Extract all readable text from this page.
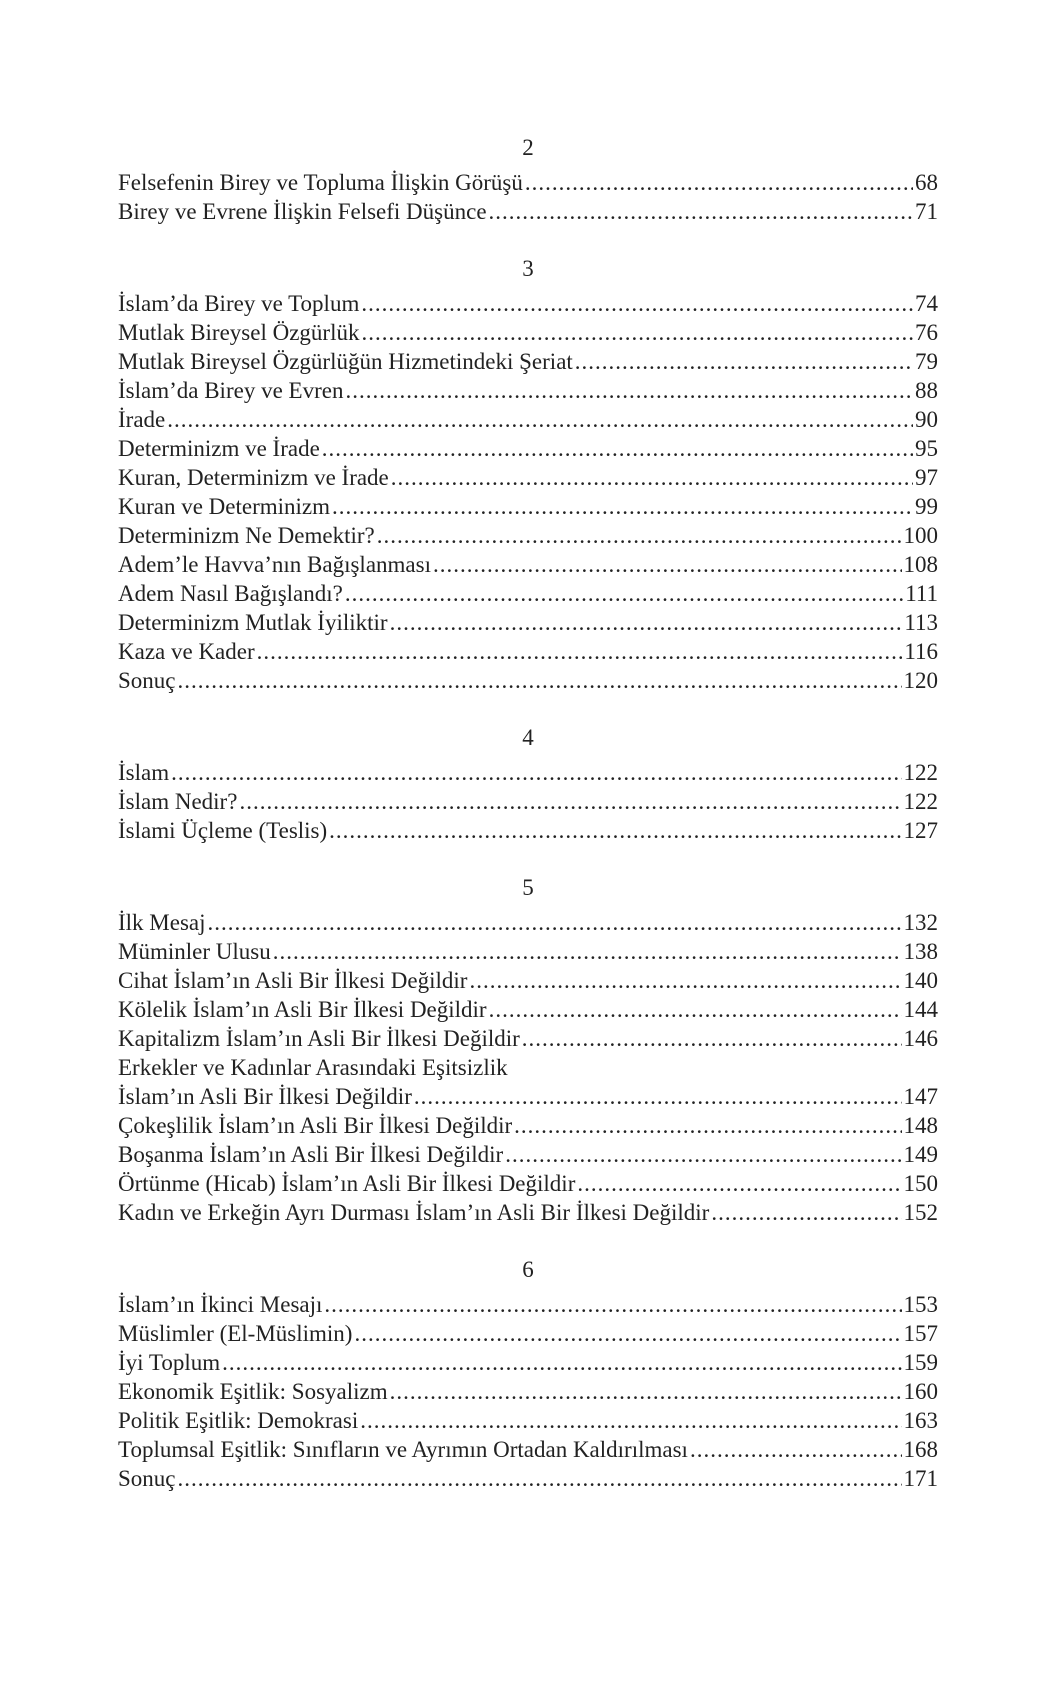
2
Felsefenin Birey ve Topluma İlişkin Görüşü .....	68
Birey ve Evrene İlişkin Felsefi Düşünce .....	71
3
İslam’da Birey ve Toplum .....	74
Mutlak Bireysel Özgürlük .....	76
Mutlak Bireysel Özgürlüğün Hizmetindeki Şeriat .....	79
İslam’da Birey ve Evren .....	88
İrade .....	90
Determinizm ve İrade .....	95
Kuran, Determinizm ve İrade .....	97
Kuran ve Determinizm .....	99
Determinizm Ne Demektir? .....	100
Adem’le Havva’nın Bağışlanması .....	108
Adem Nasıl Bağışlandı? .....	111
Determinizm Mutlak İyiliktir .....	113
Kaza ve Kader .....	116
Sonuç .....	120
4
İslam .....	122
İslam Nedir? .....	122
İslami Üçleme (Teslis) .....	127
5
İlk Mesaj .....	132
Müminler Ulusu .....	138
Cihat İslam’ın Asli Bir İlkesi Değildir .....	140
Kölelik İslam’ın Asli Bir İlkesi Değildir .....	144
Kapitalizm İslam’ın Asli Bir İlkesi Değildir .....	146
Erkekler ve Kadınlar Arasındaki Eşitsizlik
İslam’ın Asli Bir İlkesi Değildir .....	147
Çokeşlilik İslam’ın Asli Bir İlkesi Değildir .....	148
Boşanma İslam’ın Asli Bir İlkesi Değildir .....	149
Örtünme (Hicab) İslam’ın Asli Bir İlkesi Değildir .....	150
Kadın ve Erkeğin Ayrı Durması İslam’ın Asli Bir İlkesi Değildir .....	152
6
İslam’ın İkinci Mesajı .....	153
Müslimler (El-Müslimin) .....	157
İyi Toplum .....	159
Ekonomik Eşitlik: Sosyalizm .....	160
Politik Eşitlik: Demokrasi .....	163
Toplumsal Eşitlik: Sınıfların ve Ayrımın Ortadan Kaldırılması .....	168
Sonuç .....	171
